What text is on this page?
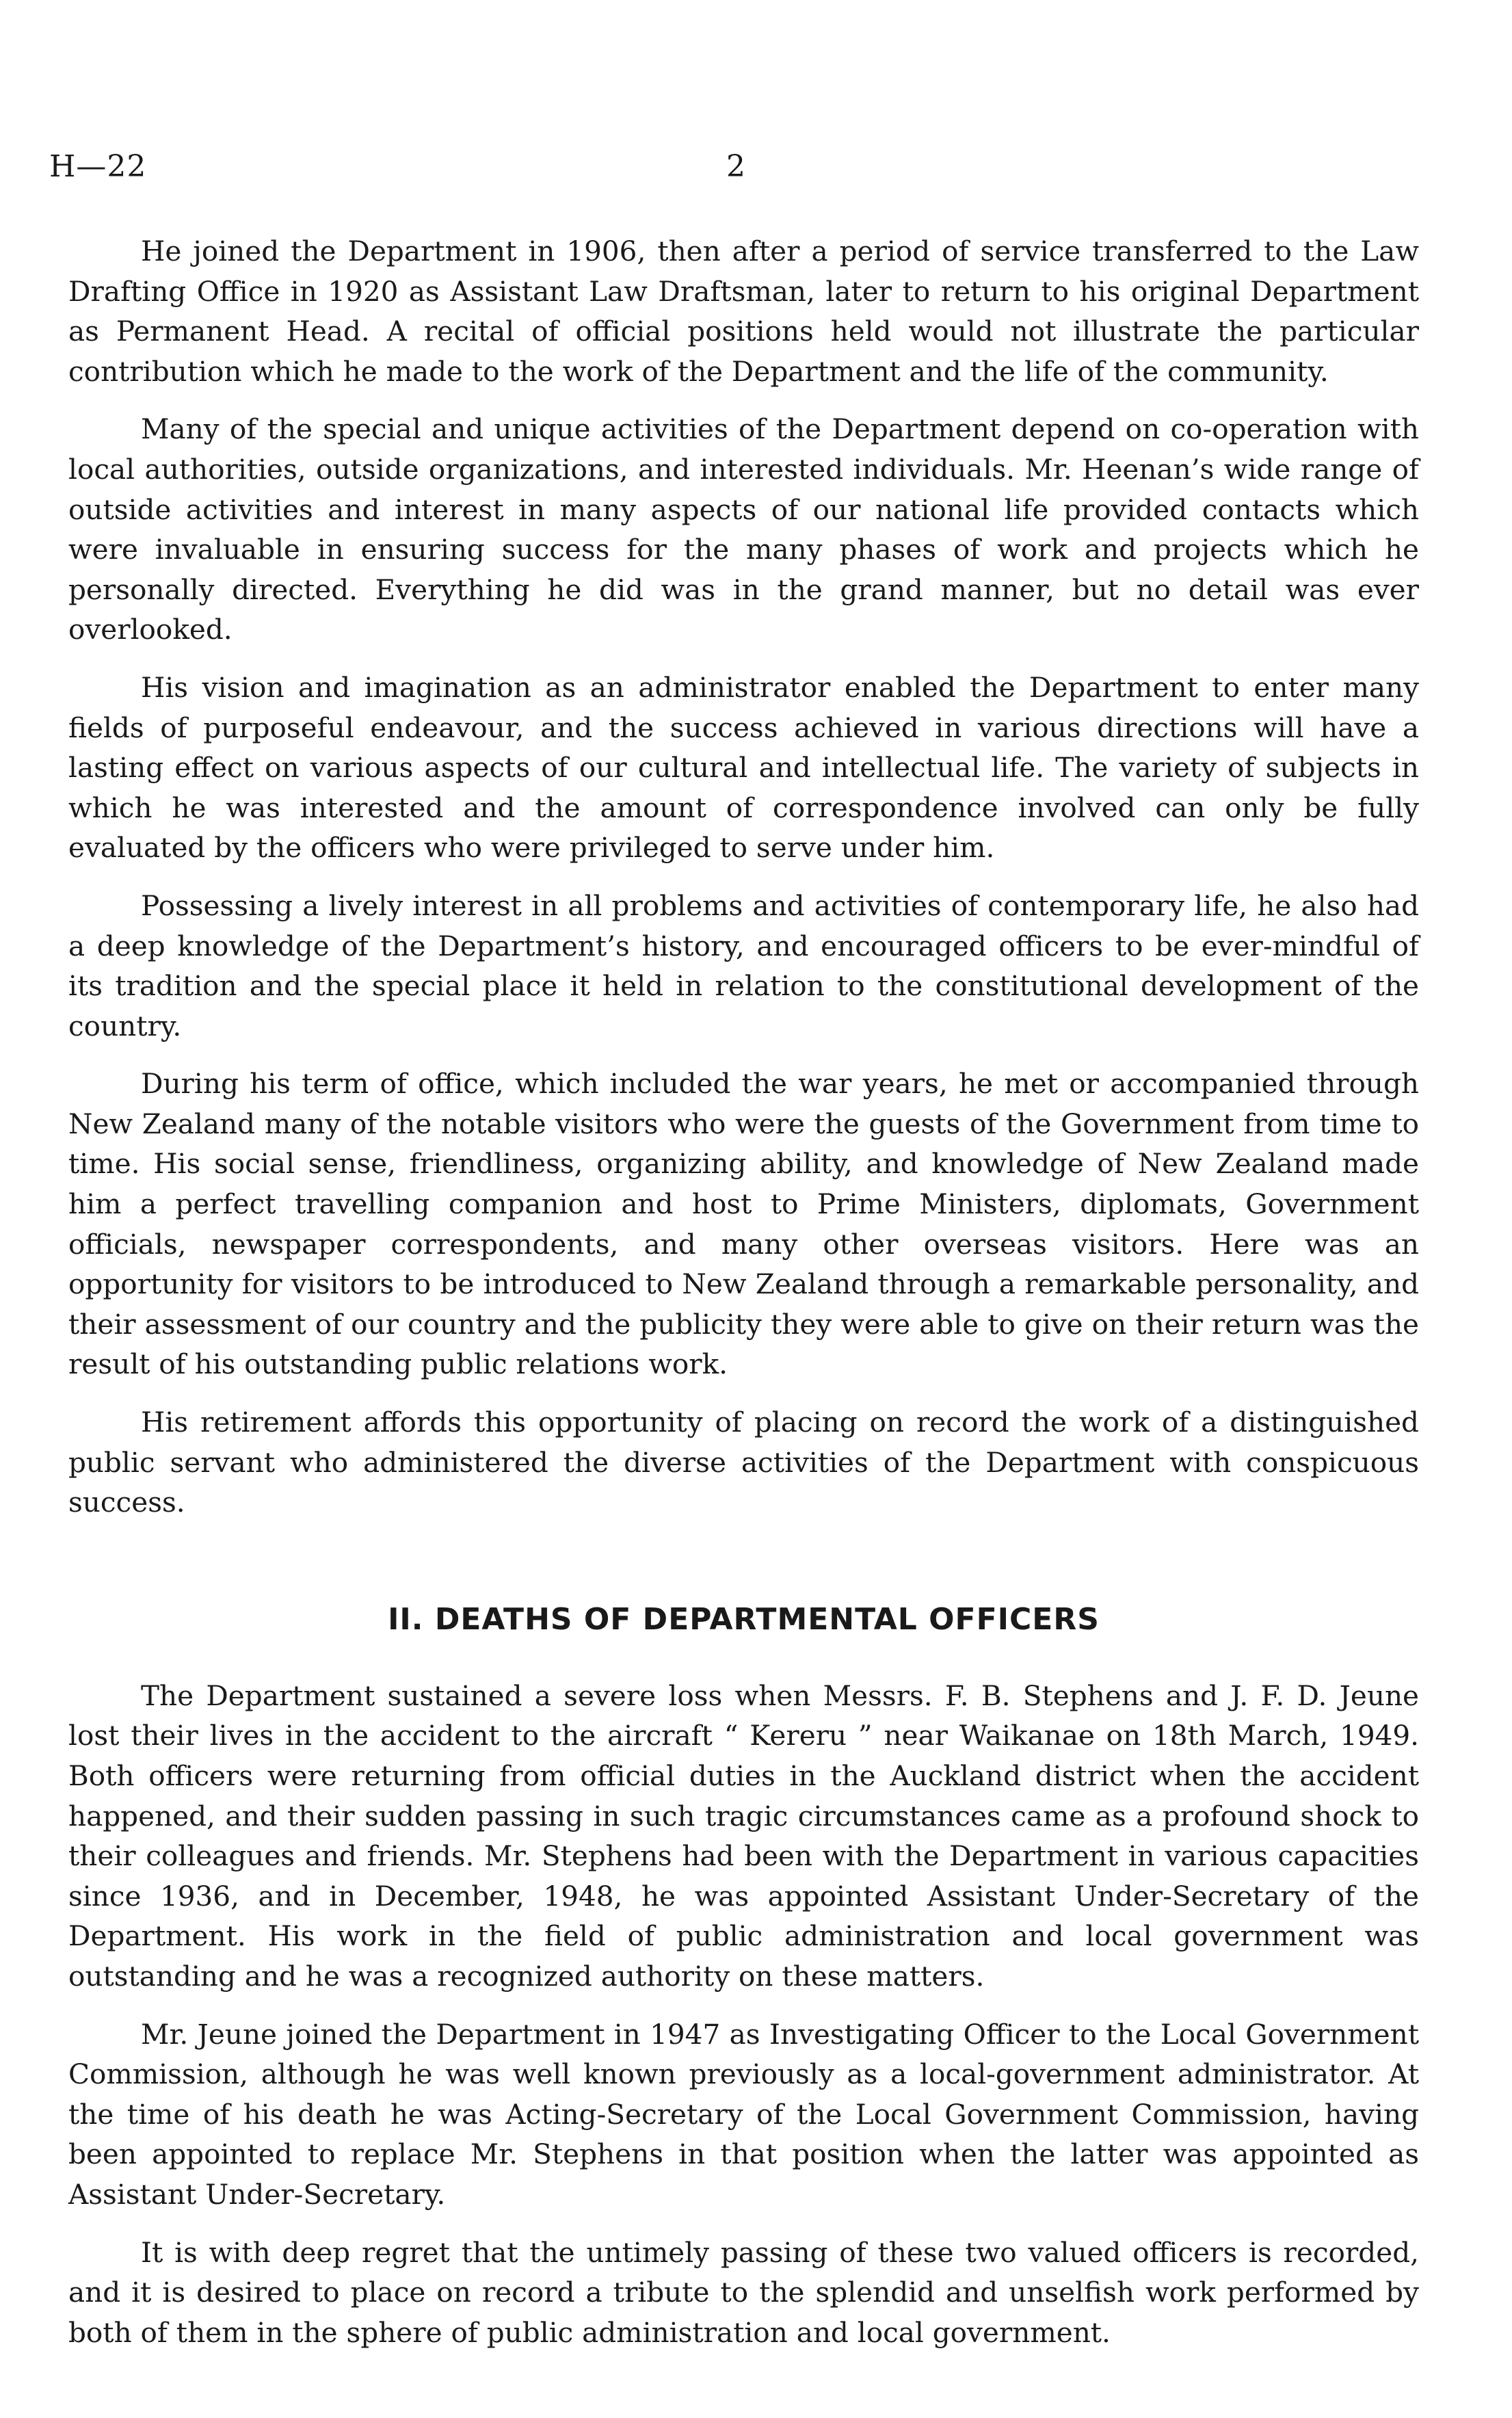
H—22	2

He joined the Department in 1906, then after a period of service transferred to the Law Drafting Office in 1920 as Assistant Law Draftsman, later to return to his original Department as Permanent Head. A recital of official positions held would not illustrate the particular contribution which he made to the work of the Department and the life of the community.

Many of the special and unique activities of the Department depend on co-operation with local authorities, outside organizations, and interested individuals. Mr. Heenan’s wide range of outside activities and interest in many aspects of our national life provided contacts which were invaluable in ensuring success for the many phases of work and projects which he personally directed. Everything he did was in the grand manner, but no detail was ever overlooked.

His vision and imagination as an administrator enabled the Department to enter many fields of purposeful endeavour, and the success achieved in various directions will have a lasting effect on various aspects of our cultural and intellectual life. The variety of subjects in which he was interested and the amount of correspondence involved can only be fully evaluated by the officers who were privileged to serve under him.

Possessing a lively interest in all problems and activities of contemporary life, he also had a deep knowledge of the Department’s history, and encouraged officers to be ever-mindful of its tradition and the special place it held in relation to the constitutional development of the country.

During his term of office, which included the war years, he met or accompanied through New Zealand many of the notable visitors who were the guests of the Government from time to time. His social sense, friendliness, organizing ability, and knowledge of New Zealand made him a perfect travelling companion and host to Prime Ministers, diplomats, Government officials, newspaper correspondents, and many other overseas visitors. Here was an opportunity for visitors to be introduced to New Zealand through a remarkable personality, and their assessment of our country and the publicity they were able to give on their return was the result of his outstanding public relations work.

His retirement affords this opportunity of placing on record the work of a distinguished public servant who administered the diverse activities of the Department with conspicuous success.

II. DEATHS OF DEPARTMENTAL OFFICERS

The Department sustained a severe loss when Messrs. F. B. Stephens and J. F. D. Jeune lost their lives in the accident to the aircraft “ Kereru ” near Waikanae on 18th March, 1949. Both officers were returning from official duties in the Auckland district when the accident happened, and their sudden passing in such tragic circumstances came as a profound shock to their colleagues and friends. Mr. Stephens had been with the Department in various capacities since 1936, and in December, 1948, he was appointed Assistant Under-Secretary of the Department. His work in the field of public administration and local government was outstanding and he was a recognized authority on these matters.

Mr. Jeune joined the Department in 1947 as Investigating Officer to the Local Government Commission, although he was well known previously as a local-government administrator. At the time of his death he was Acting-Secretary of the Local Government Commission, having been appointed to replace Mr. Stephens in that position when the latter was appointed as Assistant Under-Secretary.

It is with deep regret that the untimely passing of these two valued officers is recorded, and it is desired to place on record a tribute to the splendid and unselfish work performed by both of them in the sphere of public administration and local government.
